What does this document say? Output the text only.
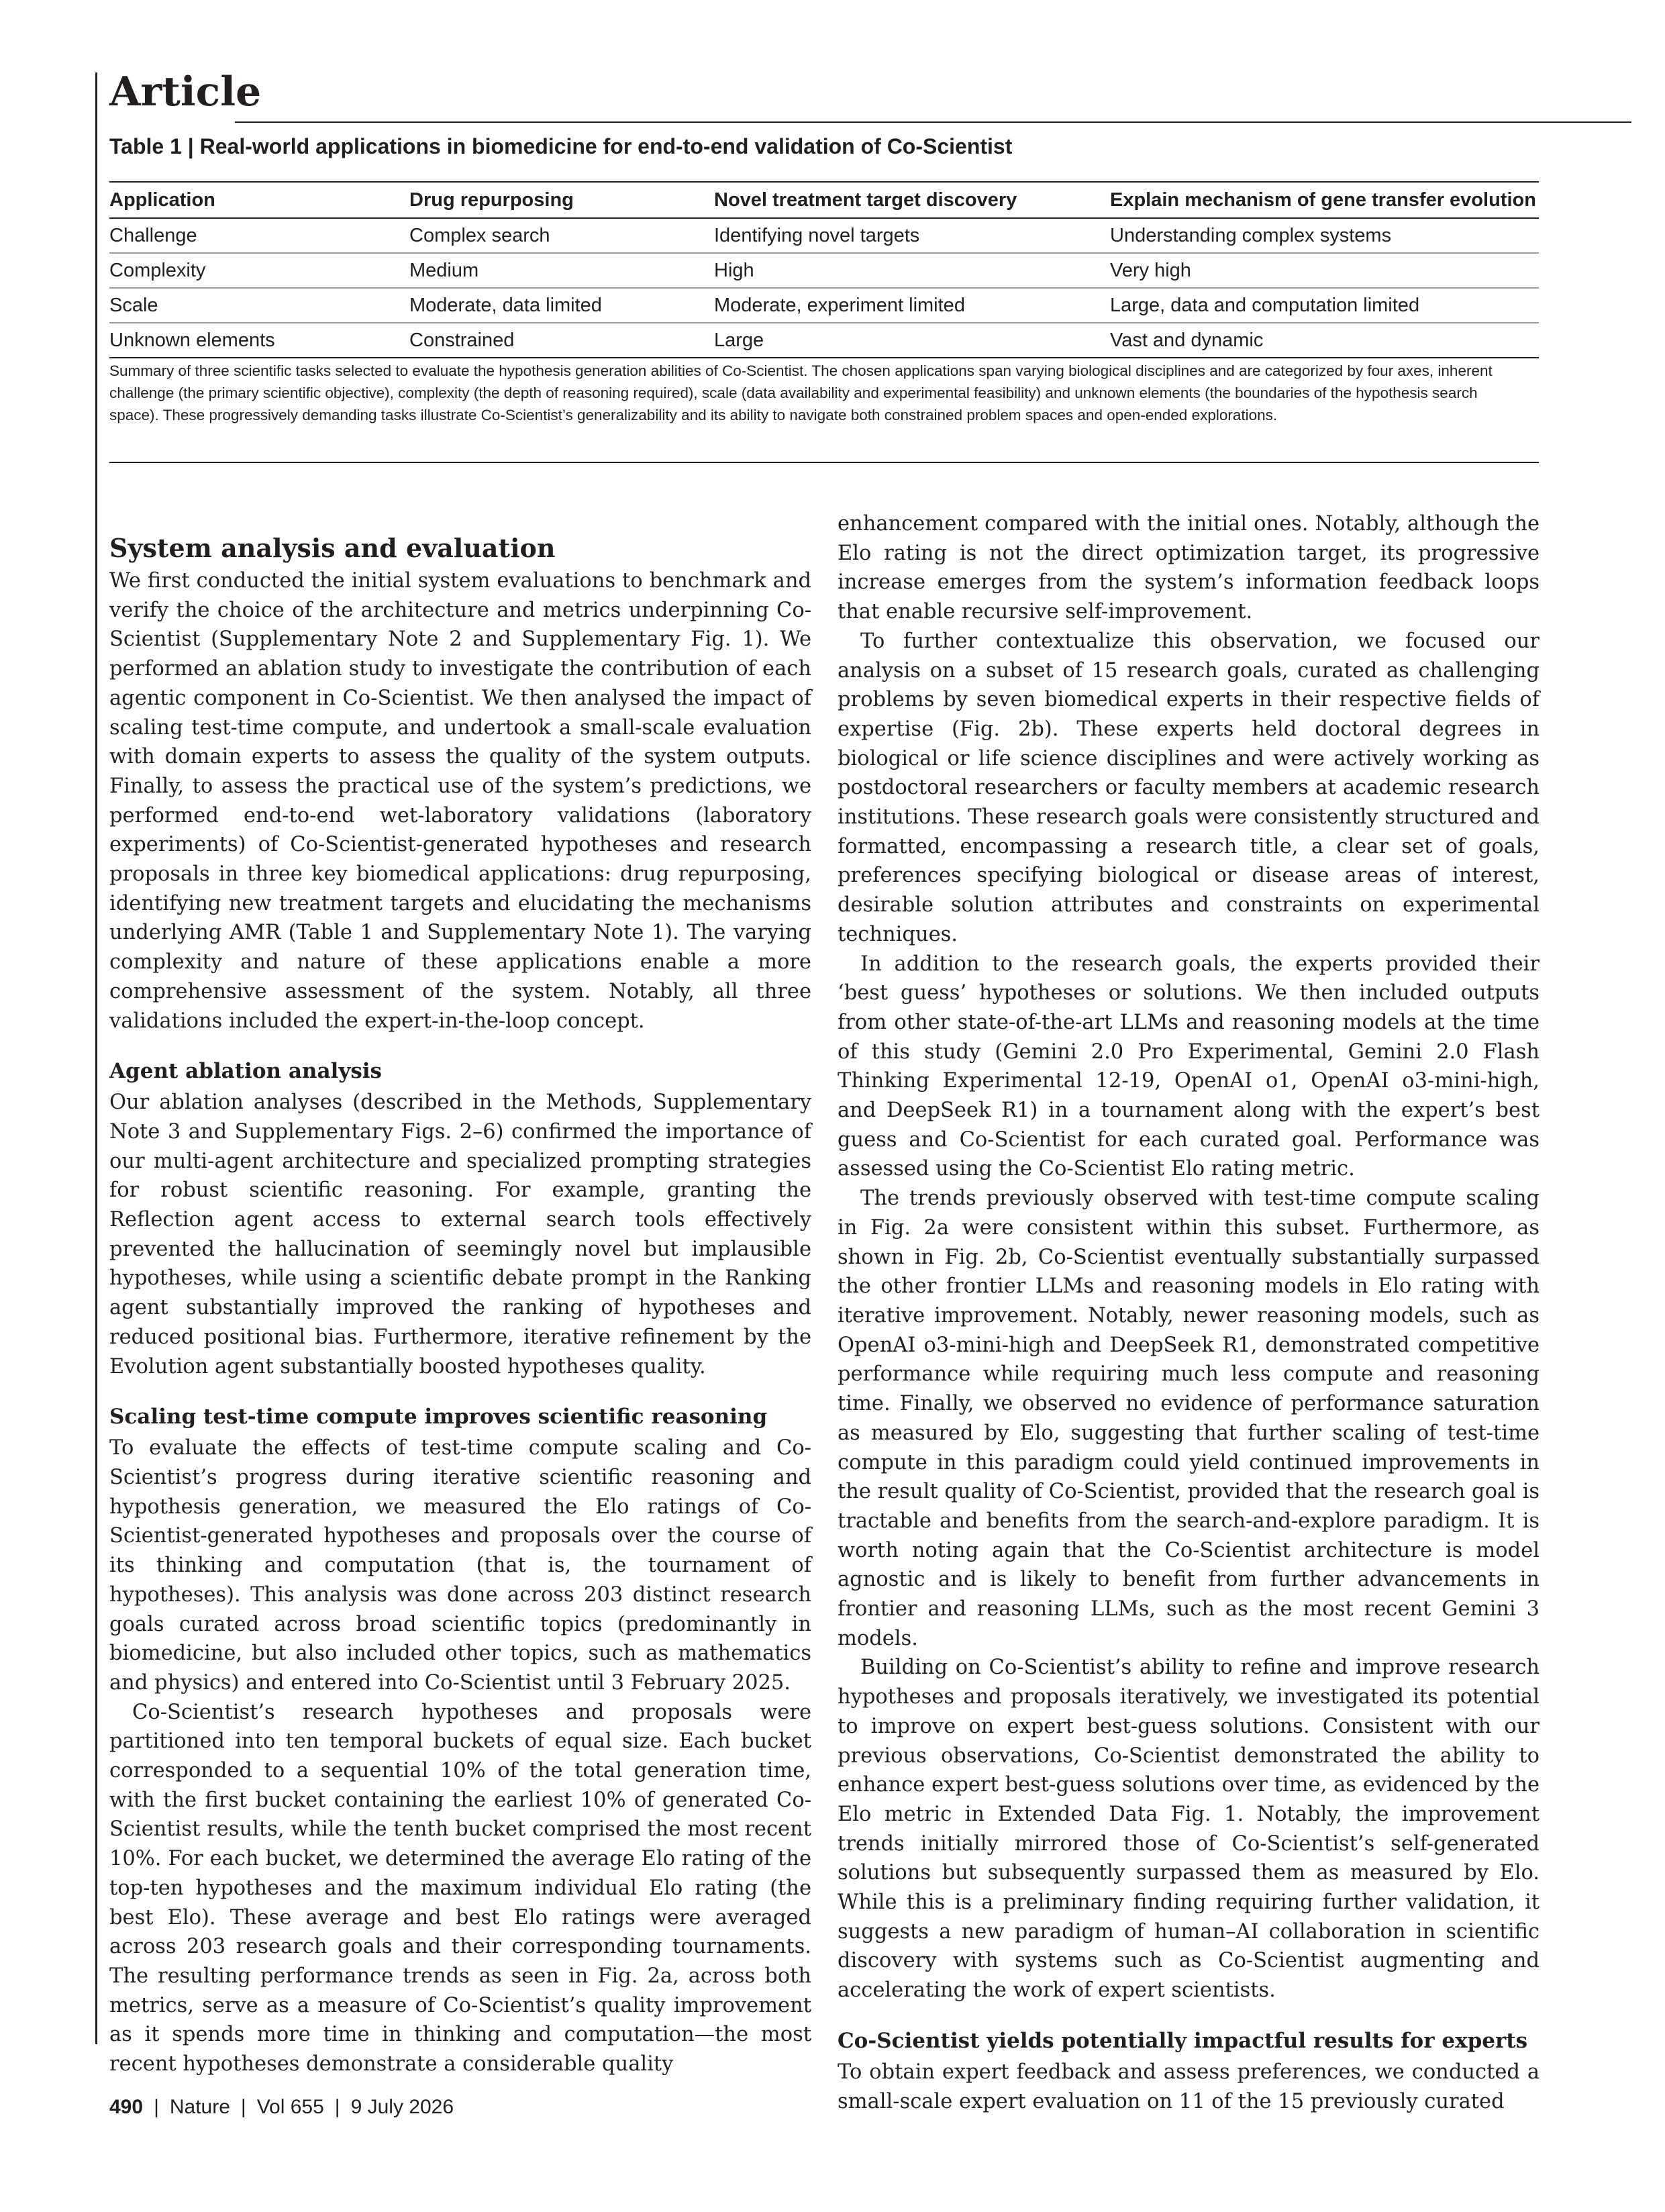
Article
Table 1 | Real-world applications in biomedicine for end-to-end validation of Co-Scientist
Application	Drug repurposing	Novel treatment target discovery	Explain mechanism of gene transfer evolution
Challenge	Complex search	Identifying novel targets	Understanding complex systems
Complexity	Medium	High	Very high
Scale	Moderate, data limited	Moderate, experiment limited	Large, data and computation limited
Unknown elements	Constrained	Large	Vast and dynamic

Summary of three scientific tasks selected to evaluate the hypothesis generation abilities of Co-Scientist. The chosen applications span varying biological disciplines and are categorized by four axes, inherent challenge (the primary scientific objective), complexity (the depth of reasoning required), scale (data availability and experimental feasibility) and unknown elements (the boundaries of the hypothesis search space). These progressively demanding tasks illustrate Co-Scientist’s generalizability and its ability to navigate both constrained problem spaces and open-ended explorations.

System analysis and evaluation

We first conducted the initial system evaluations to benchmark and verify the choice of the architecture and metrics underpinning Co-Scientist (Supplementary Note 2 and Supplementary Fig. 1). We performed an ablation study to investigate the contribution of each agentic component in Co-Scientist. We then analysed the impact of scaling test-time compute, and undertook a small-scale evaluation with domain experts to assess the quality of the system outputs. Finally, to assess the practical use of the system’s predictions, we performed end-to-end wet-laboratory validations (laboratory experiments) of Co-Scientist-generated hypotheses and research proposals in three key biomedical applications: drug repurposing, identifying new treatment targets and elucidating the mechanisms underlying AMR (Table 1 and Supplementary Note 1). The varying complexity and nature of these applications enable a more comprehensive assessment of the system. Notably, all three validations included the expert-in-the-loop concept.

Agent ablation analysis

Our ablation analyses (described in the Methods, Supplementary Note 3 and Supplementary Figs. 2–6) confirmed the importance of our multi-agent architecture and specialized prompting strategies for robust scientific reasoning. For example, granting the Reflection agent access to external search tools effectively prevented the hallucination of seemingly novel but implausible hypotheses, while using a scientific debate prompt in the Ranking agent substantially improved the ranking of hypotheses and reduced positional bias. Furthermore, iterative refinement by the Evolution agent substantially boosted hypotheses quality.

Scaling test-time compute improves scientific reasoning

To evaluate the effects of test-time compute scaling and Co-Scientist’s progress during iterative scientific reasoning and hypothesis generation, we measured the Elo ratings of Co-Scientist-generated hypotheses and proposals over the course of its thinking and computation (that is, the tournament of hypotheses). This analysis was done across 203 distinct research goals curated across broad scientific topics (predominantly in biomedicine, but also included other topics, such as mathematics and physics) and entered into Co-Scientist until 3 February 2025.

Co-Scientist’s research hypotheses and proposals were partitioned into ten temporal buckets of equal size. Each bucket corresponded to a sequential 10% of the total generation time, with the first bucket containing the earliest 10% of generated Co-Scientist results, while the tenth bucket comprised the most recent 10%. For each bucket, we determined the average Elo rating of the top-ten hypotheses and the maximum individual Elo rating (the best Elo). These average and best Elo ratings were averaged across 203 research goals and their corresponding tournaments. The resulting performance trends as seen in Fig. 2a, across both metrics, serve as a measure of Co-Scientist’s quality improvement as it spends more time in thinking and computation—the most recent hypotheses demonstrate a considerable quality

enhancement compared with the initial ones. Notably, although the Elo rating is not the direct optimization target, its progressive increase emerges from the system’s information feedback loops that enable recursive self-improvement.

To further contextualize this observation, we focused our analysis on a subset of 15 research goals, curated as challenging problems by seven biomedical experts in their respective fields of expertise (Fig. 2b). These experts held doctoral degrees in biological or life science disciplines and were actively working as postdoctoral researchers or faculty members at academic research institutions. These research goals were consistently structured and formatted, encompassing a research title, a clear set of goals, preferences specifying biological or disease areas of interest, desirable solution attributes and constraints on experimental techniques.

In addition to the research goals, the experts provided their ‘best guess’ hypotheses or solutions. We then included outputs from other state-of-the-art LLMs and reasoning models at the time of this study (Gemini 2.0 Pro Experimental, Gemini 2.0 Flash Thinking Experimental 12-19, OpenAI o1, OpenAI o3-mini-high, and DeepSeek R1) in a tournament along with the expert’s best guess and Co-Scientist for each curated goal. Performance was assessed using the Co-Scientist Elo rating metric.

The trends previously observed with test-time compute scaling in Fig. 2a were consistent within this subset. Furthermore, as shown in Fig. 2b, Co-Scientist eventually substantially surpassed the other frontier LLMs and reasoning models in Elo rating with iterative improvement. Notably, newer reasoning models, such as OpenAI o3-mini-high and DeepSeek R1, demonstrated competitive performance while requiring much less compute and reasoning time. Finally, we observed no evidence of performance saturation as measured by Elo, suggesting that further scaling of test-time compute in this paradigm could yield continued improvements in the result quality of Co-Scientist, provided that the research goal is tractable and benefits from the search-and-explore paradigm. It is worth noting again that the Co-Scientist architecture is model agnostic and is likely to benefit from further advancements in frontier and reasoning LLMs, such as the most recent Gemini 3 models.

Building on Co-Scientist’s ability to refine and improve research hypotheses and proposals iteratively, we investigated its potential to improve on expert best-guess solutions. Consistent with our previous observations, Co-Scientist demonstrated the ability to enhance expert best-guess solutions over time, as evidenced by the Elo metric in Extended Data Fig. 1. Notably, the improvement trends initially mirrored those of Co-Scientist’s self-generated solutions but subsequently surpassed them as measured by Elo. While this is a preliminary finding requiring further validation, it suggests a new paradigm of human–AI collaboration in scientific discovery with systems such as Co-Scientist augmenting and accelerating the work of expert scientists.

Co-Scientist yields potentially impactful results for experts

To obtain expert feedback and assess preferences, we conducted a small-scale expert evaluation on 11 of the 15 previously curated

490 | Nature | Vol 655 | 9 July 2026
